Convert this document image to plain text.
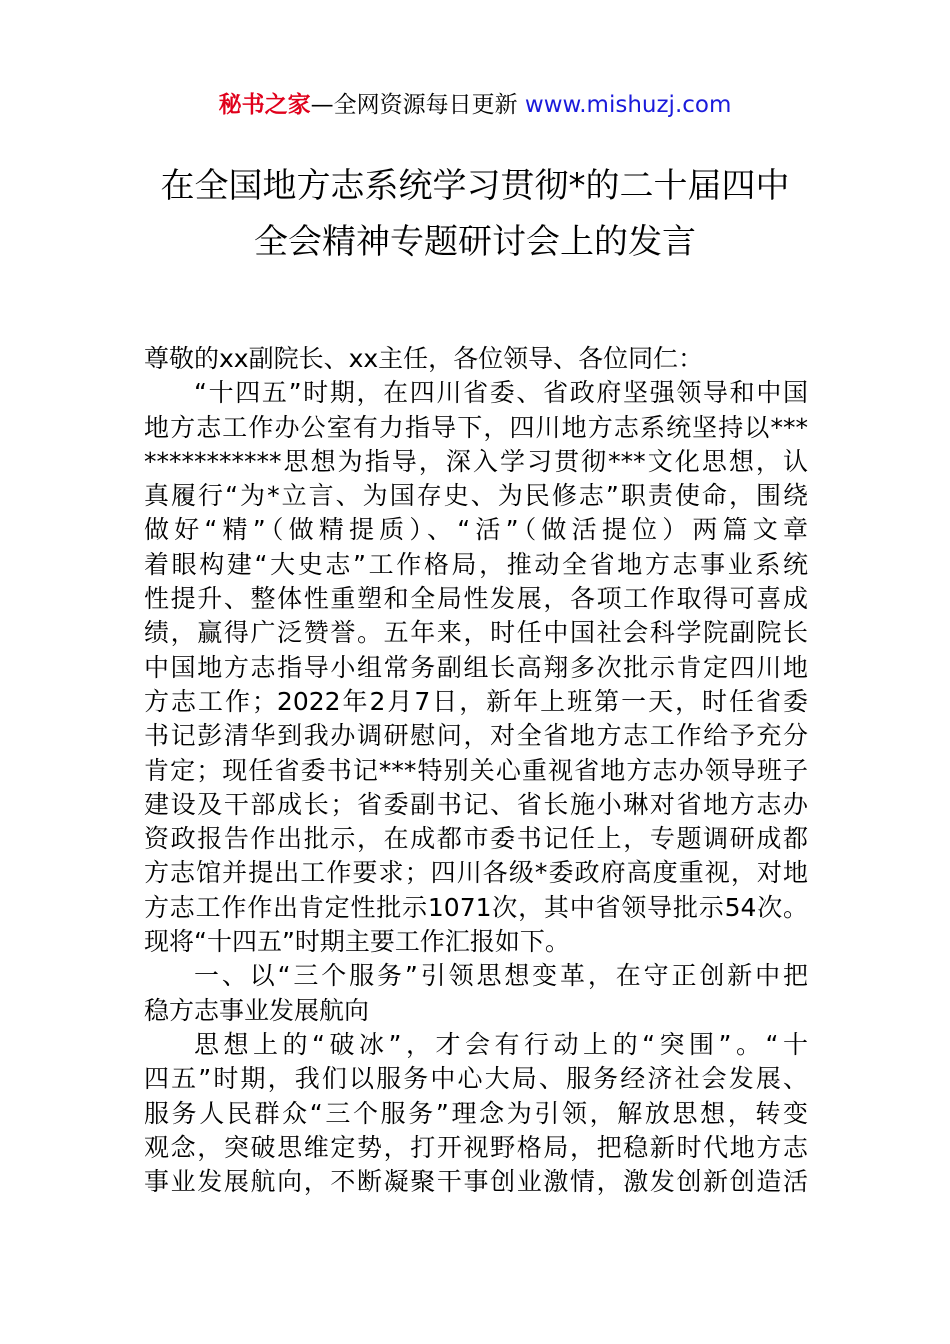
秘书之家—全网资源每日更新 www.mishuzj.com
在全国地方志系统学习贯彻*的二十届四中
全会精神专题研讨会上的发言
尊敬的xx副院长、xx主任，各位领导、各位同仁：
“十四五”时期，在四川省委、省政府坚强领导和中国
地方志工作办公室有力指导下，四川地方志系统坚持以***
***********思想为指导，深入学习贯彻***文化思想，认
真履行“为*立言、为国存史、为民修志”职责使命，围绕
做好“精”（做精提质）、“活”（做活提位）两篇文章
着眼构建“大史志”工作格局，推动全省地方志事业系统
性提升、整体性重塑和全局性发展，各项工作取得可喜成
绩，赢得广泛赞誉。五年来，时任中国社会科学院副院长
中国地方志指导小组常务副组长高翔多次批示肯定四川地
方志工作；2022年2月7日，新年上班第一天，时任省委
书记彭清华到我办调研慰问，对全省地方志工作给予充分
肯定；现任省委书记***特别关心重视省地方志办领导班子
建设及干部成长；省委副书记、省长施小琳对省地方志办
资政报告作出批示，在成都市委书记任上，专题调研成都
方志馆并提出工作要求；四川各级*委政府高度重视，对地
方志工作作出肯定性批示1071次，其中省领导批示54次。
现将“十四五”时期主要工作汇报如下。
一、以“三个服务”引领思想变革，在守正创新中把
稳方志事业发展航向
思想上的“破冰”，才会有行动上的“突围”。“十
四五”时期，我们以服务中心大局、服务经济社会发展、
服务人民群众“三个服务”理念为引领，解放思想，转变
观念，突破思维定势，打开视野格局，把稳新时代地方志
事业发展航向，不断凝聚干事创业激情，激发创新创造活
